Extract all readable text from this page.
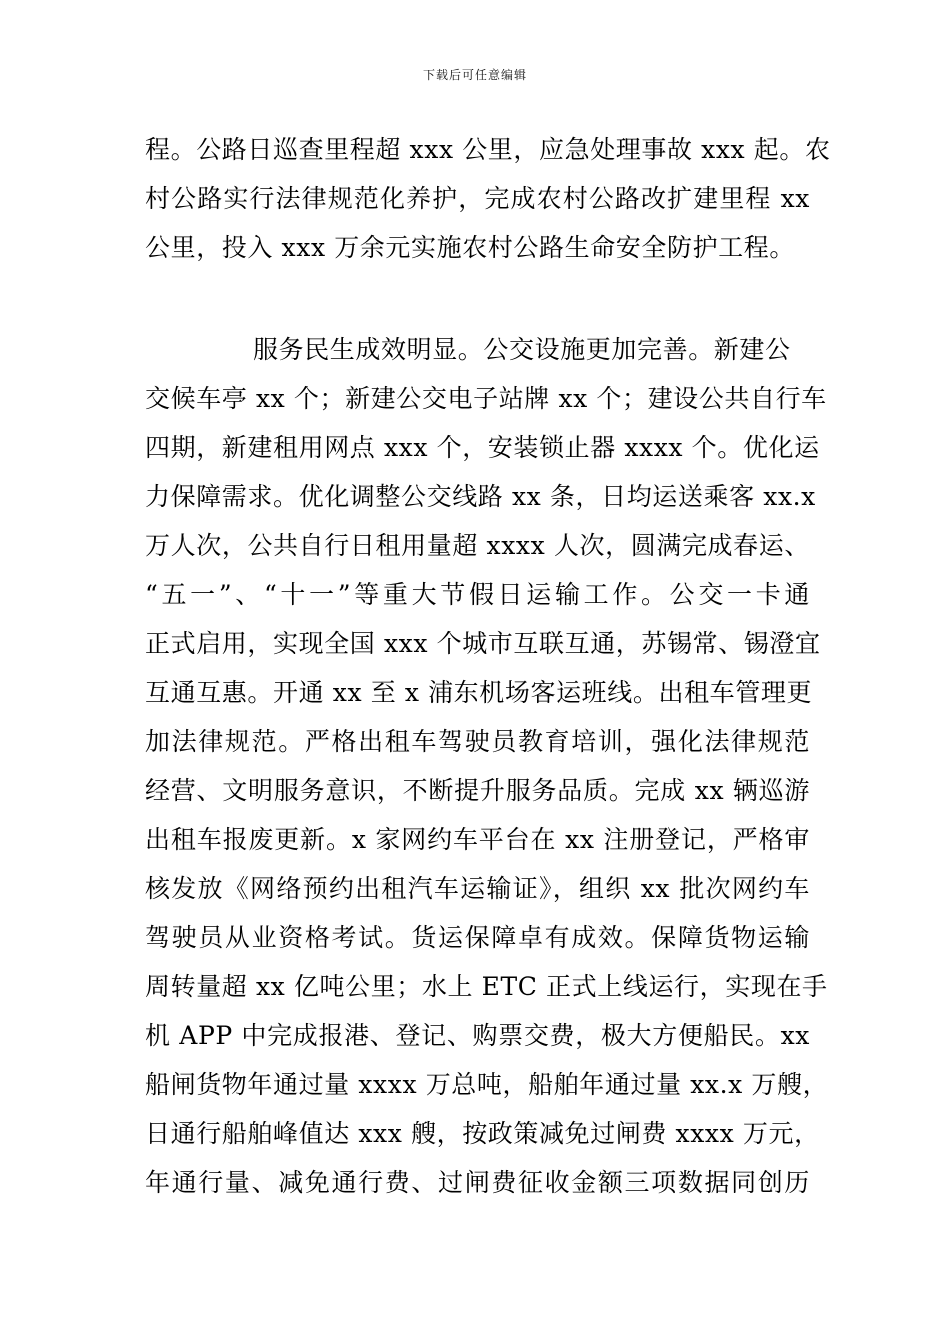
下载后可任意编辑
程。公路日巡查里程超 xxx 公里，应急处理事故 xxx 起。农
村公路实行法律规范化养护，完成农村公路改扩建里程 xx
公里，投入 xxx 万余元实施农村公路生命安全防护工程。
服务民生成效明显。公交设施更加完善。新建公
交候车亭 xx 个；新建公交电子站牌 xx 个；建设公共自行车
四期，新建租用网点 xxx 个，安装锁止器 xxxx 个。优化运
力保障需求。优化调整公交线路 xx 条，日均运送乘客 xx.x
万人次，公共自行日租用量超 xxxx 人次，圆满完成春运、
“五一”、“十一”等重大节假日运输工作。公交一卡通
正式启用，实现全国 xxx 个城市互联互通，苏锡常、锡澄宜
互通互惠。开通 xx 至 x 浦东机场客运班线。出租车管理更
加法律规范。严格出租车驾驶员教育培训，强化法律规范
经营、文明服务意识，不断提升服务品质。完成 xx 辆巡游
出租车报废更新。x 家网约车平台在 xx 注册登记，严格审
核发放《网络预约出租汽车运输证》，组织 xx 批次网约车
驾驶员从业资格考试。货运保障卓有成效。保障货物运输
周转量超 xx 亿吨公里；水上 ETC 正式上线运行，实现在手
机 APP 中完成报港、登记、购票交费，极大方便船民。xx
船闸货物年通过量 xxxx 万总吨，船舶年通过量 xx.x 万艘，
日通行船舶峰值达 xxx 艘，按政策减免过闸费 xxxx 万元，
年通行量、减免通行费、过闸费征收金额三项数据同创历
